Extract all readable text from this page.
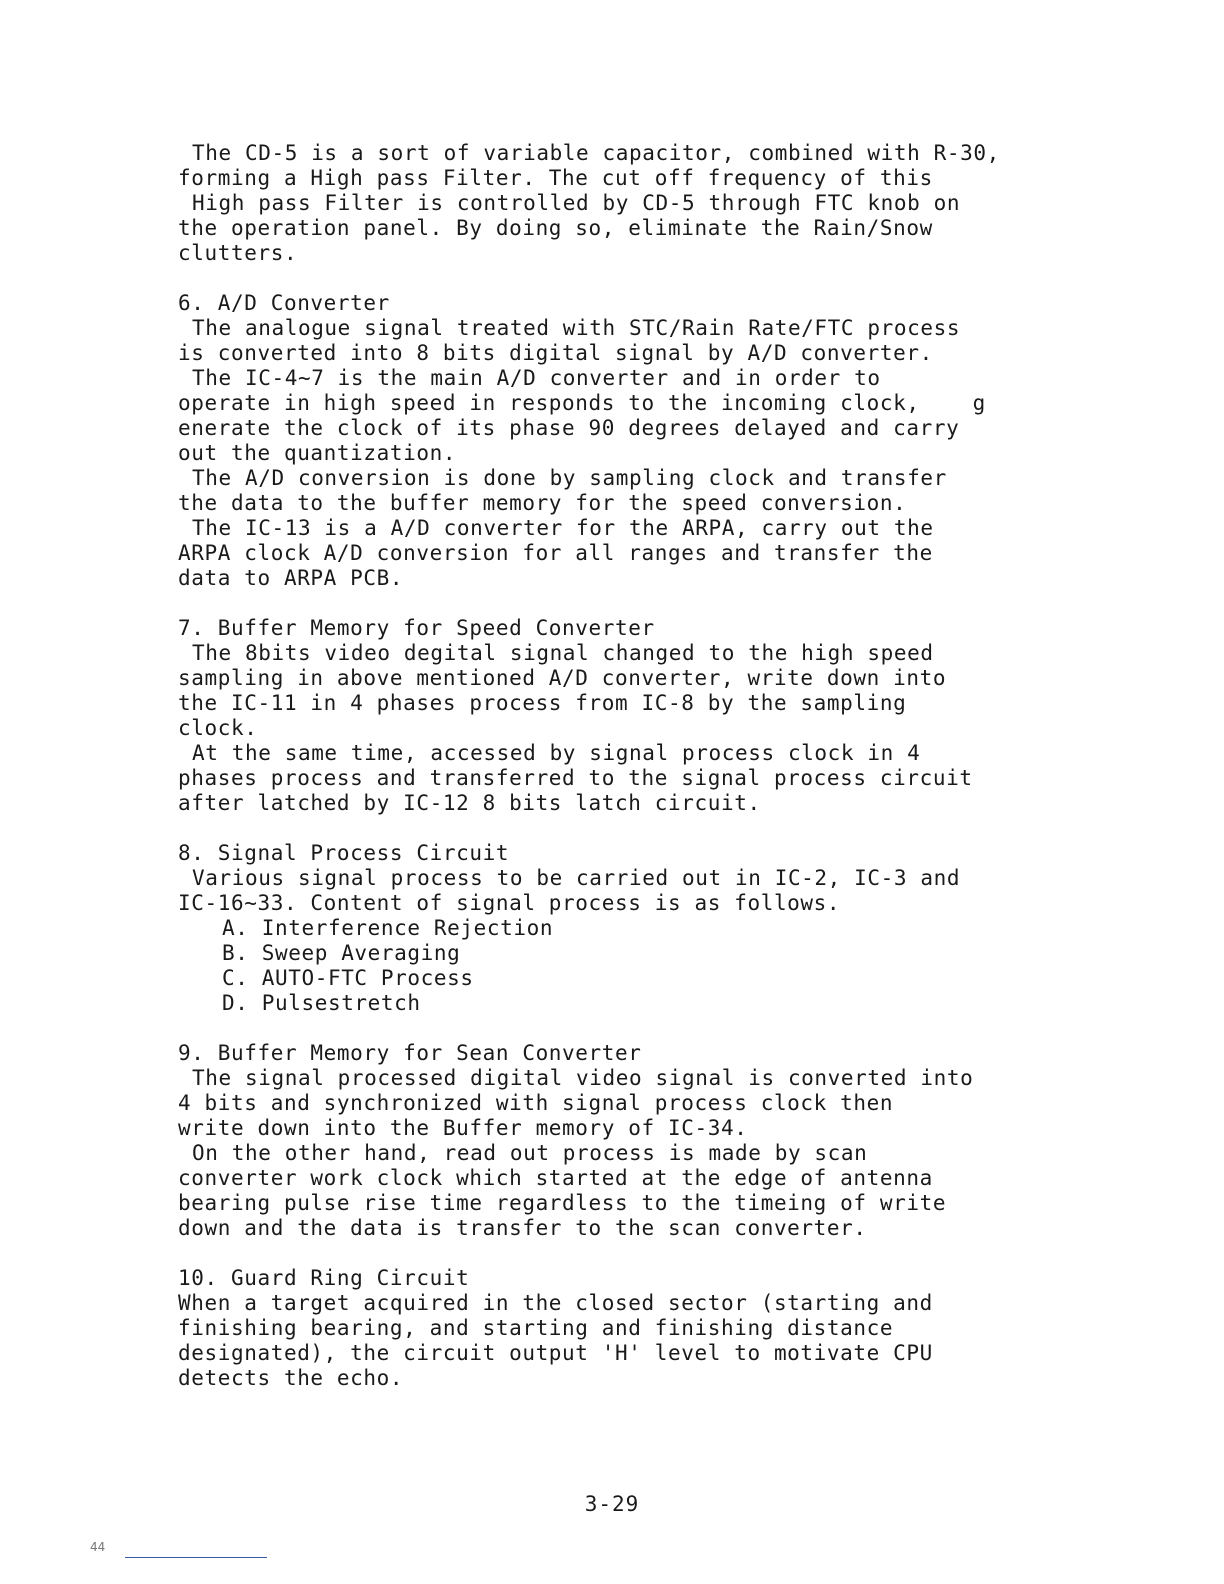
The CD-5 is a sort of variable capacitor, combined with R-30,
forming a High pass Filter. The cut off frequency of this
High pass Filter is controlled by CD-5 through FTC knob on
the operation panel. By doing so, eliminate the Rain/Snow
clutters.
6. A/D Converter
The analogue signal treated with STC/Rain Rate/FTC process
is converted into 8 bits digital signal by A/D converter.
The IC-4~7 is the main A/D converter and in order to
operate in high speed in responds to the incoming clock,    g
enerate the clock of its phase 90 degrees delayed and carry
out the quantization.
The A/D conversion is done by sampling clock and transfer
the data to the buffer memory for the speed conversion.
The IC-13 is a A/D converter for the ARPA, carry out the
ARPA clock A/D conversion for all ranges and transfer the
data to ARPA PCB.
7. Buffer Memory for Speed Converter
The 8bits video degital signal changed to the high speed
sampling in above mentioned A/D converter, write down into
the IC-11 in 4 phases process from IC-8 by the sampling
clock.
At the same time, accessed by signal process clock in 4
phases process and transferred to the signal process circuit
after latched by IC-12 8 bits latch circuit.
8. Signal Process Circuit
Various signal process to be carried out in IC-2, IC-3 and
IC-16~33. Content of signal process is as follows.
A. Interference Rejection
B. Sweep Averaging
C. AUTO-FTC Process
D. Pulsestretch
9. Buffer Memory for Sean Converter
The signal processed digital video signal is converted into
4 bits and synchronized with signal process clock then
write down into the Buffer memory of IC-34.
On the other hand, read out process is made by scan
converter work clock which started at the edge of antenna
bearing pulse rise time regardless to the timeing of write
down and the data is transfer to the scan converter.
10. Guard Ring Circuit
When a target acquired in the closed sector (starting and
finishing bearing, and starting and finishing distance
designated), the circuit output 'H' level to motivate CPU
detects the echo.
3-29
44
